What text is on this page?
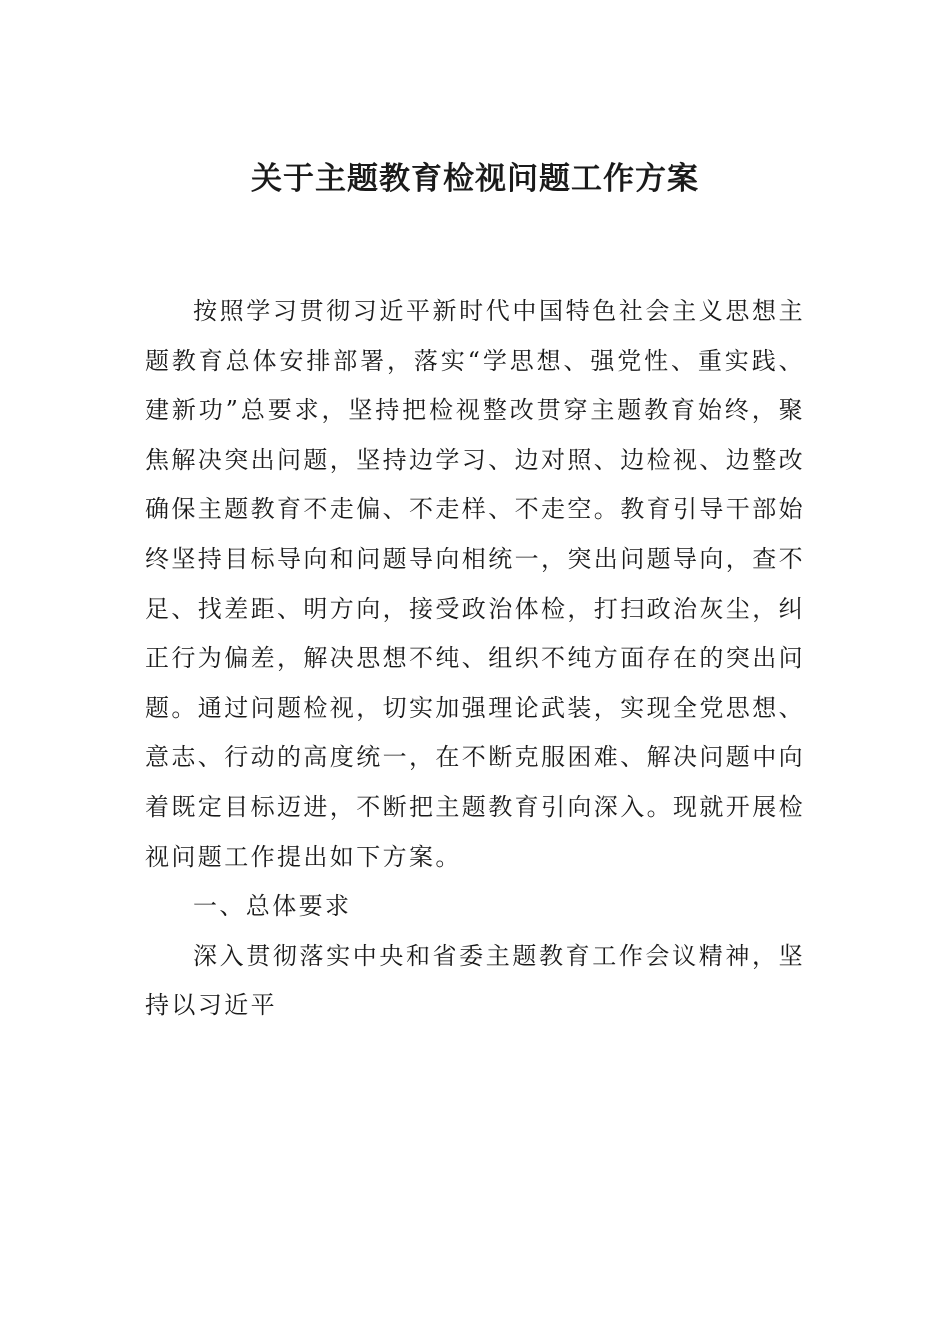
关于主题教育检视问题工作方案

按照学习贯彻习近平新时代中国特色社会主义思想主题教育总体安排部署，落实“学思想、强党性、重实践、建新功”总要求，坚持把检视整改贯穿主题教育始终，聚焦解决突出问题，坚持边学习、边对照、边检视、边整改确保主题教育不走偏、不走样、不走空。教育引导干部始终坚持目标导向和问题导向相统一，突出问题导向，查不足、找差距、明方向，接受政治体检，打扫政治灰尘，纠正行为偏差，解决思想不纯、组织不纯方面存在的突出问题。通过问题检视，切实加强理论武装，实现全党思想、意志、行动的高度统一，在不断克服困难、解决问题中向着既定目标迈进，不断把主题教育引向深入。现就开展检视问题工作提出如下方案。

一、总体要求

深入贯彻落实中央和省委主题教育工作会议精神，坚持以习近平
